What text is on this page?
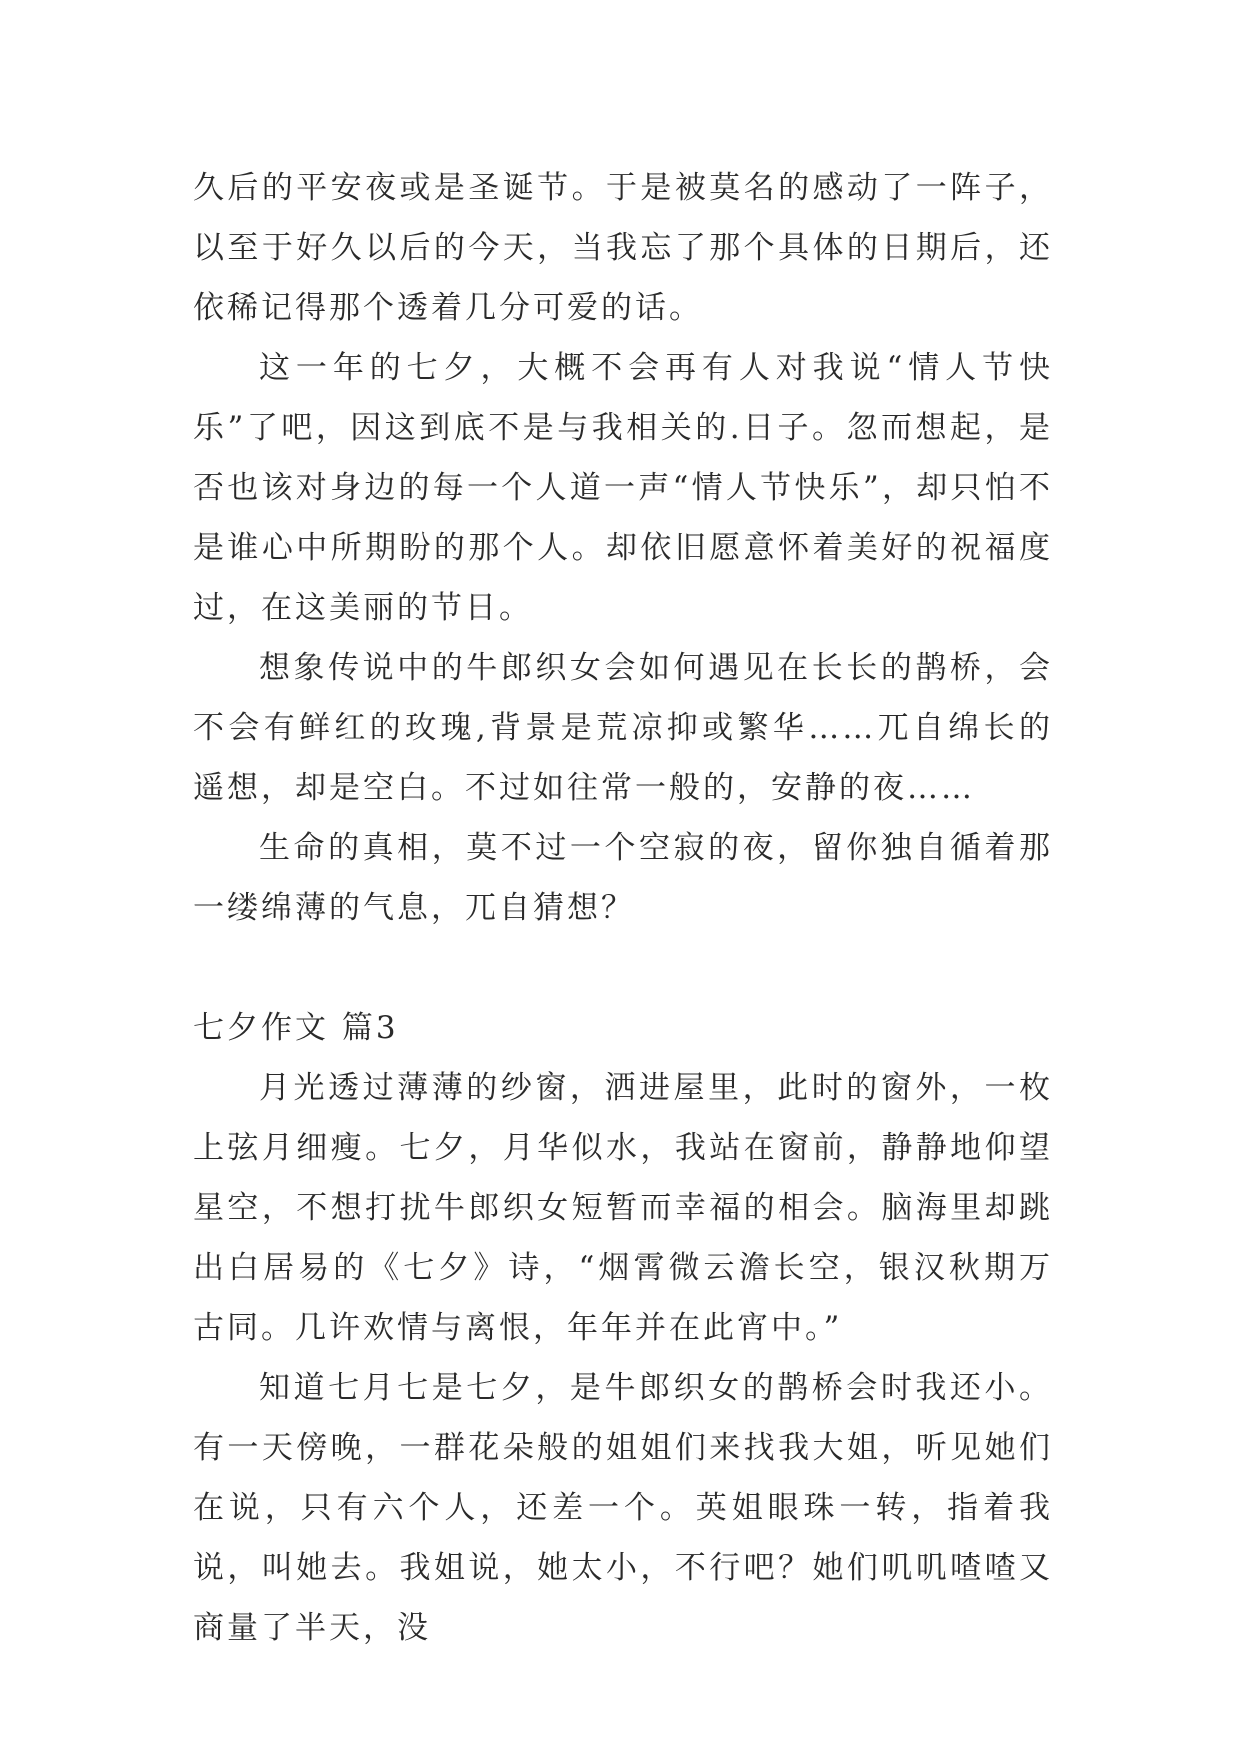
久后的平安夜或是圣诞节。于是被莫名的感动了一阵子，以至于好久以后的今天，当我忘了那个具体的日期后，还依稀记得那个透着几分可爱的话。

这一年的七夕，大概不会再有人对我说“情人节快乐”了吧，因这到底不是与我相关的.日子。忽而想起，是否也该对身边的每一个人道一声“情人节快乐”，却只怕不是谁心中所期盼的那个人。却依旧愿意怀着美好的祝福度过，在这美丽的节日。

想象传说中的牛郎织女会如何遇见在长长的鹊桥，会不会有鲜红的玫瑰,背景是荒凉抑或繁华……兀自绵长的遥想，却是空白。不过如往常一般的，安静的夜……

生命的真相，莫不过一个空寂的夜，留你独自循着那一缕绵薄的气息，兀自猜想？

七夕作文 篇3

月光透过薄薄的纱窗，洒进屋里，此时的窗外，一枚上弦月细瘦。七夕，月华似水，我站在窗前，静静地仰望星空，不想打扰牛郎织女短暂而幸福的相会。脑海里却跳出白居易的《七夕》诗，“烟霄微云澹长空，银汉秋期万古同。几许欢情与离恨，年年并在此宵中。”

知道七月七是七夕，是牛郎织女的鹊桥会时我还小。有一天傍晚，一群花朵般的姐姐们来找我大姐，听见她们在说，只有六个人，还差一个。英姐眼珠一转，指着我说，叫她去。我姐说，她太小，不行吧？她们叽叽喳喳又商量了半天，没
